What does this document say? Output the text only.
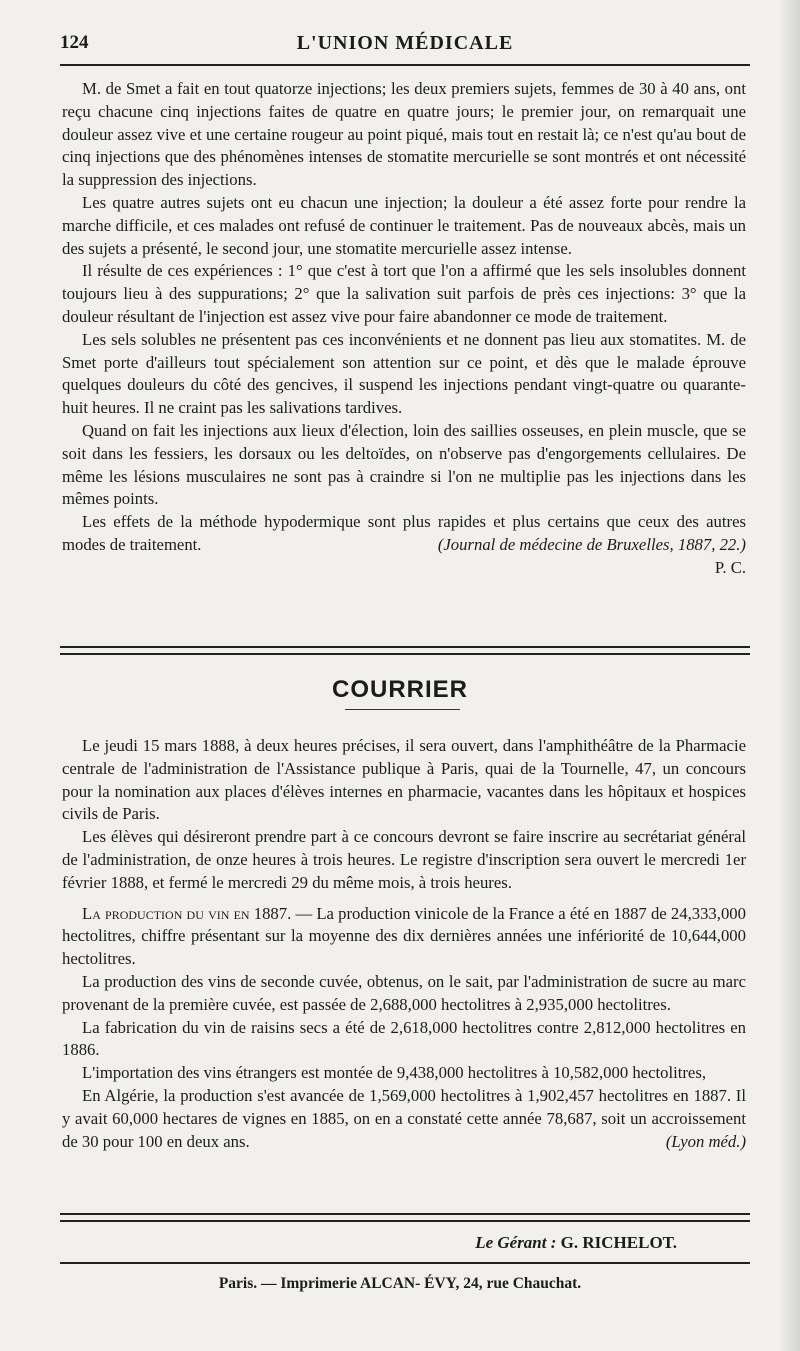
124	L'UNION MÉDICALE

M. de Smet a fait en tout quatorze injections; les deux premiers sujets, femmes de 30 à 40 ans, ont reçu chacune cinq injections faites de quatre en quatre jours; le premier jour, on remarquait une douleur assez vive et une certaine rougeur au point piqué, mais tout en restait là; ce n'est qu'au bout de cinq injections que des phénomènes intenses de stomatite mercurielle se sont montrés et ont nécessité la suppression des injections.

Les quatre autres sujets ont eu chacun une injection; la douleur a été assez forte pour rendre la marche difficile, et ces malades ont refusé de continuer le traitement. Pas de nouveaux abcès, mais un des sujets a présenté, le second jour, une stomatite mercurielle assez intense.

Il résulte de ces expériences : 1° que c'est à tort que l'on a affirmé que les sels insolubles donnent toujours lieu à des suppurations; 2° que la salivation suit parfois de près ces injections: 3° que la douleur résultant de l'injection est assez vive pour faire abandonner ce mode de traitement.

Les sels solubles ne présentent pas ces inconvénients et ne donnent pas lieu aux stomatites. M. de Smet porte d'ailleurs tout spécialement son attention sur ce point, et dès que le malade éprouve quelques douleurs du côté des gencives, il suspend les injections pendant vingt-quatre ou quarante-huit heures. Il ne craint pas les salivations tardives.

Quand on fait les injections aux lieux d'élection, loin des saillies osseuses, en plein muscle, que se soit dans les fessiers, les dorsaux ou les deltoïdes, on n'observe pas d'engorgements cellulaires. De même les lésions musculaires ne sont pas à craindre si l'on ne multiplie pas les injections dans les mêmes points.

Les effets de la méthode hypodermique sont plus rapides et plus certains que ceux des autres modes de traitement.	(Journal de médecine de Bruxelles, 1887, 22.)

P. C.

COURRIER

Le jeudi 15 mars 1888, à deux heures précises, il sera ouvert, dans l'amphithéâtre de la Pharmacie centrale de l'administration de l'Assistance publique à Paris, quai de la Tournelle, 47, un concours pour la nomination aux places d'élèves internes en pharmacie, vacantes dans les hôpitaux et hospices civils de Paris.

Les élèves qui désireront prendre part à ce concours devront se faire inscrire au secrétariat général de l'administration, de onze heures à trois heures. Le registre d'inscription sera ouvert le mercredi 1er février 1888, et fermé le mercredi 29 du même mois, à trois heures.

La production du vin en 1887. — La production vinicole de la France a été en 1887 de 24,333,000 hectolitres, chiffre présentant sur la moyenne des dix dernières années une infériorité de 10,644,000 hectolitres.

La production des vins de seconde cuvée, obtenus, on le sait, par l'administration de sucre au marc provenant de la première cuvée, est passée de 2,688,000 hectolitres à 2,935,000 hectolitres.

La fabrication du vin de raisins secs a été de 2,618,000 hectolitres contre 2,812,000 hectolitres en 1886.

L'importation des vins étrangers est montée de 9,438,000 hectolitres à 10,582,000 hectolitres,

En Algérie, la production s'est avancée de 1,569,000 hectolitres à 1,902,457 hectolitres en 1887. Il y avait 60,000 hectares de vignes en 1885, on en a constaté cette année 78,687, soit un accroissement de 30 pour 100 en deux ans.	(Lyon méd.)

Le Gérant : G. RICHELOT.
Paris. — Imprimerie ALCAN- ÉVY, 24, rue Chauchat.
